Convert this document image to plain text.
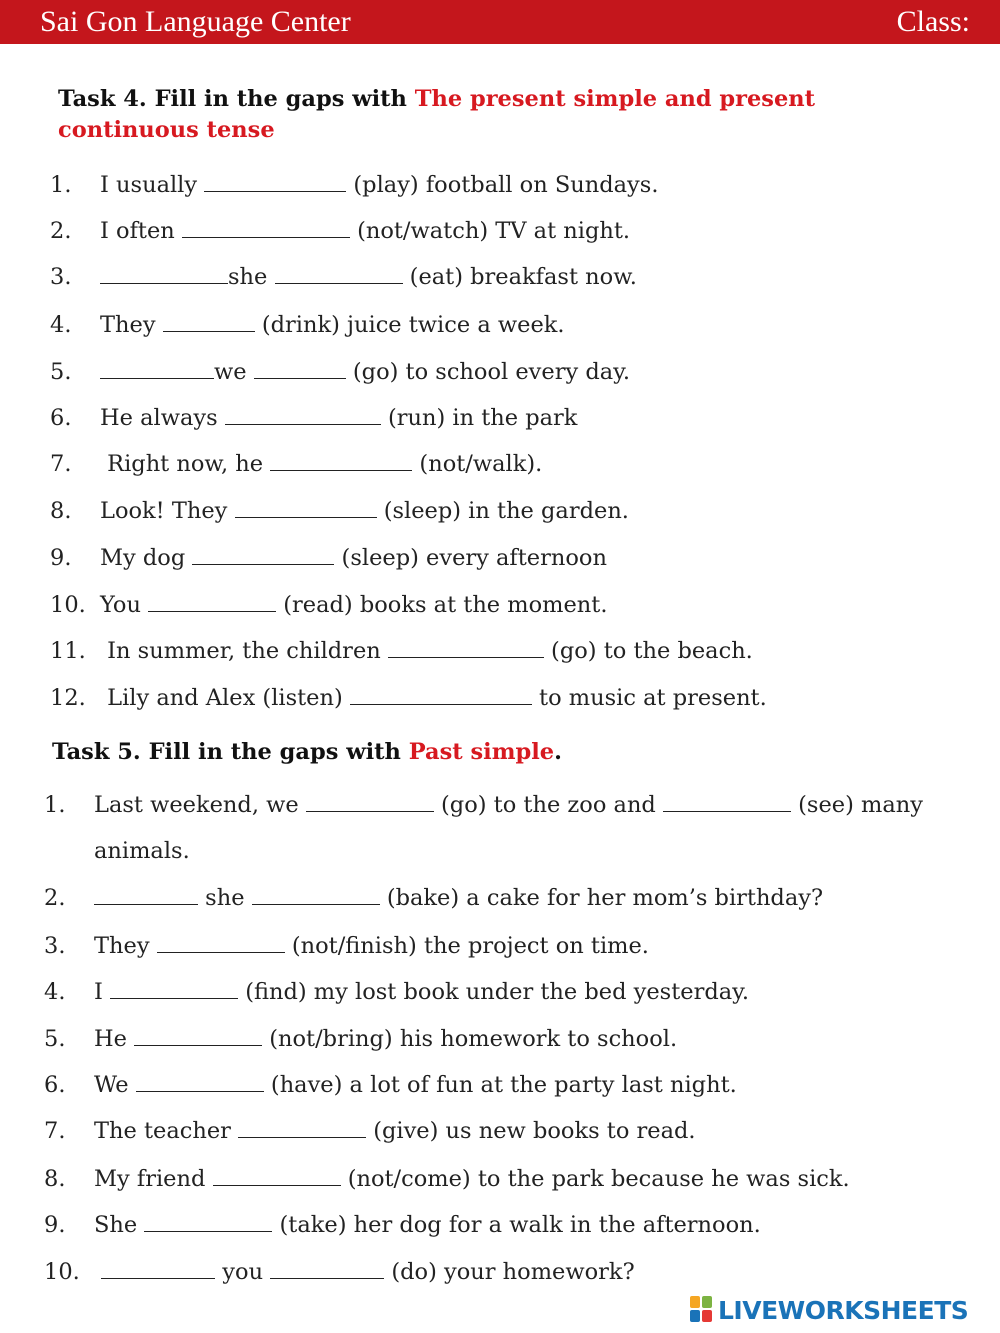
Sai Gon Language Center	Class:
Task 4. Fill in the gaps with The present simple and present continuous tense
1. I usually	(play) football on Sundays.
2. I often	(not/watch) TV at night.
3.	she	(eat) breakfast now.
4. They	(drink) juice twice a week.
5.	we	(go) to school every day.
6. He always	(run) in the park
7. Right now, he	(not/walk).
8. Look! They	(sleep) in the garden.
9. My dog	(sleep) every afternoon
10. You	(read) books at the moment.
11. In summer, the children	(go) to the beach.
12. Lily and Alex (listen)	to music at present.
Task 5. Fill in the gaps with Past simple.
1. Last weekend, we	(go) to the zoo and	(see) many
animals.
2.	she	(bake) a cake for her mom’s birthday?
3. They	(not/finish) the project on time.
4. I	(find) my lost book under the bed yesterday.
5. He	(not/bring) his homework to school.
6. We	(have) a lot of fun at the party last night.
7. The teacher	(give) us new books to read.
8. My friend	(not/come) to the park because he was sick.
9. She	(take) her dog for a walk in the afternoon.
10.	you	(do) your homework?
LIVEWORKSHEETS
